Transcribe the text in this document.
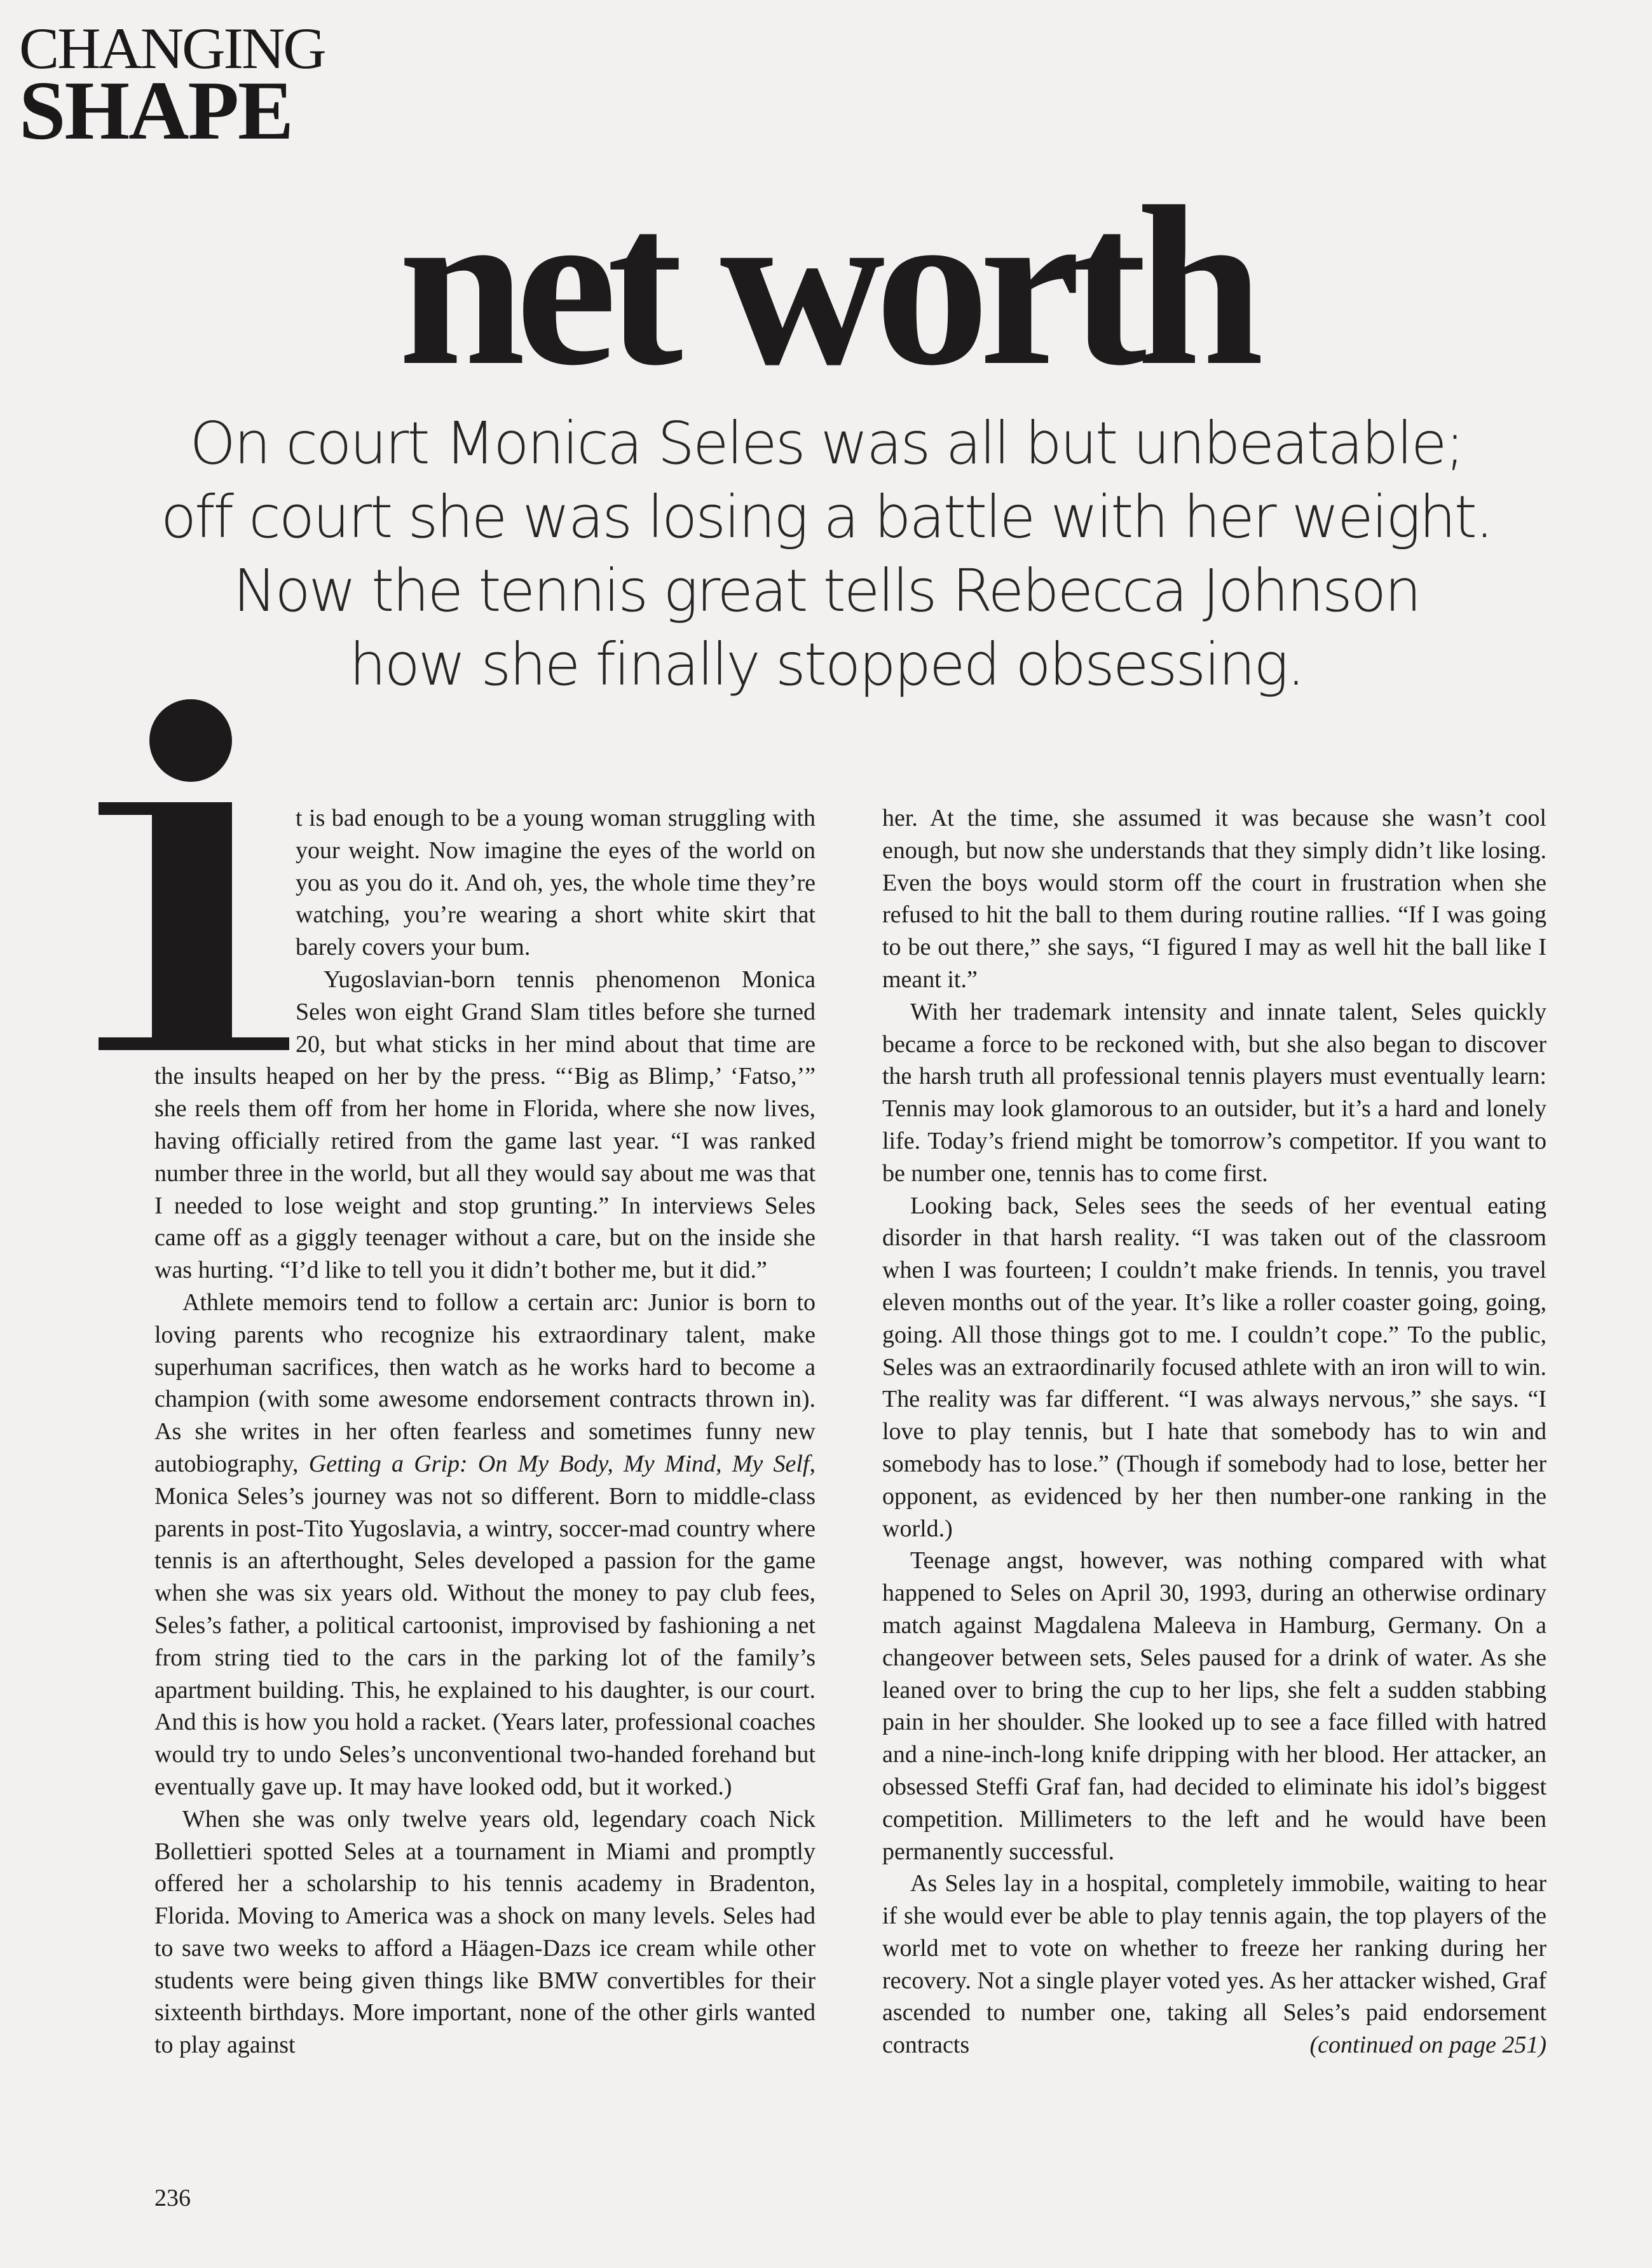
CHANGING
SHAPE
net worth
On court Monica Seles was all but unbeatable;
off court she was losing a battle with her weight.
Now the tennis great tells Rebecca Johnson
how she finally stopped obsessing.

t is bad enough to be a young woman struggling with your weight. Now imagine the eyes of the world on you as you do it. And oh, yes, the whole time they’re watching, you’re wearing a short white skirt that barely covers your bum.

Yugoslavian-born tennis phenomenon Monica Seles won eight Grand Slam titles before she turned 20, but what sticks in her mind about that time are the insults heaped on her by the press. “‘Big as Blimp,’ ‘Fatso,’” she reels them off from her home in Florida, where she now lives, having officially retired from the game last year. “I was ranked number three in the world, but all they would say about me was that I needed to lose weight and stop grunting.” In interviews Seles came off as a giggly teenager without a care, but on the inside she was hurting. “I’d like to tell you it didn’t bother me, but it did.”

Athlete memoirs tend to follow a certain arc: Junior is born to loving parents who recognize his extraordinary talent, make superhuman sacrifices, then watch as he works hard to become a champion (with some awesome endorsement contracts thrown in). As she writes in her often fearless and sometimes funny new autobiography, Getting a Grip: On My Body, My Mind, My Self, Monica Seles’s journey was not so different. Born to middle-class parents in post-Tito Yugoslavia, a wintry, soccer-mad country where tennis is an afterthought, Seles developed a passion for the game when she was six years old. Without the money to pay club fees, Seles’s father, a political cartoonist, improvised by fashioning a net from string tied to the cars in the parking lot of the family’s apartment building. This, he explained to his daughter, is our court. And this is how you hold a racket. (Years later, professional coaches would try to undo Seles’s unconventional two-handed forehand but eventually gave up. It may have looked odd, but it worked.)

When she was only twelve years old, legendary coach Nick Bollettieri spotted Seles at a tournament in Miami and promptly offered her a scholarship to his tennis academy in Bradenton, Florida. Moving to America was a shock on many levels. Seles had to save two weeks to afford a Häagen-Dazs ice cream while other students were being given things like BMW convertibles for their sixteenth birthdays. More important, none of the other girls wanted to play against

her. At the time, she assumed it was because she wasn’t cool enough, but now she understands that they simply didn’t like losing. Even the boys would storm off the court in frustration when she refused to hit the ball to them during routine rallies. “If I was going to be out there,” she says, “I figured I may as well hit the ball like I meant it.”

With her trademark intensity and innate talent, Seles quickly became a force to be reckoned with, but she also began to discover the harsh truth all professional tennis players must eventually learn: Tennis may look glamorous to an outsider, but it’s a hard and lonely life. Today’s friend might be tomorrow’s competitor. If you want to be number one, tennis has to come first.

Looking back, Seles sees the seeds of her eventual eating disorder in that harsh reality. “I was taken out of the classroom when I was fourteen; I couldn’t make friends. In tennis, you travel eleven months out of the year. It’s like a roller coaster going, going, going. All those things got to me. I couldn’t cope.” To the public, Seles was an extraordinarily focused athlete with an iron will to win. The reality was far different. “I was always nervous,” she says. “I love to play tennis, but I hate that somebody has to win and somebody has to lose.” (Though if somebody had to lose, better her opponent, as evidenced by her then number-one ranking in the world.)

Teenage angst, however, was nothing compared with what happened to Seles on April 30, 1993, during an otherwise ordinary match against Magdalena Maleeva in Hamburg, Germany. On a changeover between sets, Seles paused for a drink of water. As she leaned over to bring the cup to her lips, she felt a sudden stabbing pain in her shoulder. She looked up to see a face filled with hatred and a nine-inch-long knife dripping with her blood. Her attacker, an obsessed Steffi Graf fan, had decided to eliminate his idol’s biggest competition. Millimeters to the left and he would have been permanently successful.

As Seles lay in a hospital, completely immobile, waiting to hear if she would ever be able to play tennis again, the top players of the world met to vote on whether to freeze her ranking during her recovery. Not a single player voted yes. As her attacker wished, Graf ascended to number one, taking all Seles’s paid endorsement contracts	(continued on page 251)

236
